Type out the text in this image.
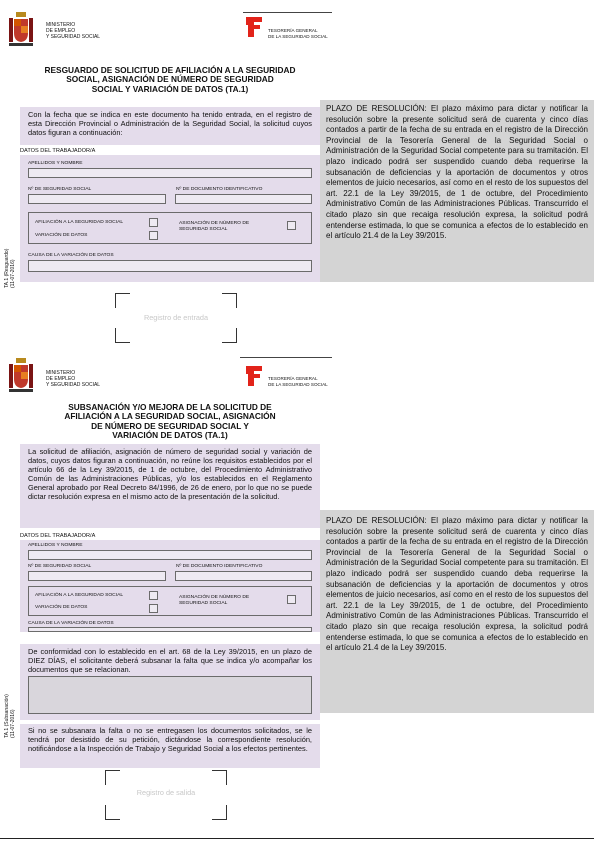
MINISTERIO
DE EMPLEO
Y SEGURIDAD SOCIAL
TESORERÍA GENERAL
DE LA SEGURIDAD SOCIAL
RESGUARDO DE SOLICITUD DE AFILIACIÓN A LA SEGURIDAD
SOCIAL, ASIGNACIÓN DE NÚMERO DE SEGURIDAD
SOCIAL Y VARIACIÓN DE DATOS (TA.1)
Con la fecha que se indica en este documento ha tenido entrada, en el registro de esta Dirección Provincial o Administración de la Seguridad Social, la solicitud cuyos datos figuran a continuación:
DATOS DEL TRABAJADOR/A
APELLIDOS Y NOMBRE
Nº DE SEGURIDAD SOCIAL	Nº DE DOCUMENTO IDENTIFICATIVO
AFILIACIÓN A LA SEGURIDAD SOCIAL
VARIACIÓN DE DATOS
ASIGNACIÓN DE NÚMERO DE
SEGURIDAD SOCIAL
CAUSA DE LA VARIACIÓN DE DATOS
PLAZO DE RESOLUCIÓN: El plazo máximo para dictar y notificar la resolución sobre la presente solicitud será de cuarenta y cinco días contados a partir de la fecha de su entrada en el registro de la Dirección Provincial de la Tesorería General de la Seguridad Social o Administración de la Seguridad Social competente para su tramitación. El plazo indicado podrá ser suspendido cuando deba requerirse la subsanación de deficiencias y la aportación de documentos y otros elementos de juicio necesarios, así como en el resto de los supuestos del art. 22.1 de la Ley 39/2015, de 1 de octubre, del Procedimiento Administrativo Común de las Administraciones Públicas. Transcurrido el citado plazo sin que recaiga resolución expresa, la solicitud podrá entenderse estimada, lo que se comunica a efectos de lo establecido en el artículo 21.4 de la Ley 39/2015.
TA.1 (Resguardo) (11-07-2016)
Registro de entrada
MINISTERIO
DE EMPLEO
Y SEGURIDAD SOCIAL
TESORERÍA GENERAL
DE LA SEGURIDAD SOCIAL
SUBSANACIÓN Y/O MEJORA DE LA SOLICITUD DE
AFILIACIÓN A LA SEGURIDAD SOCIAL, ASIGNACIÓN
DE NÚMERO DE SEGURIDAD SOCIAL Y
VARIACIÓN DE DATOS (TA.1)
La solicitud de afiliación, asignación de número de seguridad social y variación de datos, cuyos datos figuran a continuación, no reúne los requisitos establecidos por el artículo 66 de la Ley 39/2015, de 1 de octubre, del Procedimiento Administrativo Común de las Administraciones Públicas, y/o los establecidos en el Reglamento General aprobado por Real Decreto 84/1996, de 26 de enero, por lo que no se puede dictar resolución expresa en el mismo acto de la presentación de la solicitud.
DATOS DEL TRABAJADOR/A
APELLIDOS Y NOMBRE
Nº DE SEGURIDAD SOCIAL	Nº DE DOCUMENTO IDENTIFICATIVO
AFILIACIÓN A LA SEGURIDAD SOCIAL
VARIACIÓN DE DATOS
ASIGNACIÓN DE NÚMERO DE
SEGURIDAD SOCIAL
CAUSA DE LA VARIACIÓN DE DATOS
De conformidad con lo establecido en el art. 68 de la Ley 39/2015, en un plazo de DIEZ DÍAS, el solicitante deberá subsanar la falta que se indica y/o acompañar los documentos que se relacionan.
Si no se subsanara la falta o no se entregasen los documentos solicitados, se le tendrá por desistido de su petición, dictándose la correspondiente resolución, notificándose a la Inspección de Trabajo y Seguridad Social a los efectos pertinentes.
PLAZO DE RESOLUCIÓN: El plazo máximo para dictar y notificar la resolución sobre la presente solicitud será de cuarenta y cinco días contados a partir de la fecha de su entrada en el registro de la Dirección Provincial de la Tesorería General de la Seguridad Social o Administración de la Seguridad Social competente para su tramitación. El plazo indicado podrá ser suspendido cuando deba requerirse la subsanación de deficiencias y la aportación de documentos y otros elementos de juicio necesarios, así como en el resto de los supuestos del art. 22.1 de la Ley 39/2015, de 1 de octubre, del Procedimiento Administrativo Común de las Administraciones Públicas. Transcurrido el citado plazo sin que recaiga resolución expresa, la solicitud podrá entenderse estimada, lo que se comunica a efectos de lo establecido en el artículo 21.4 de la Ley 39/2015.
TA.1 (Subsanación) (11-07-2016)
Registro de salida
